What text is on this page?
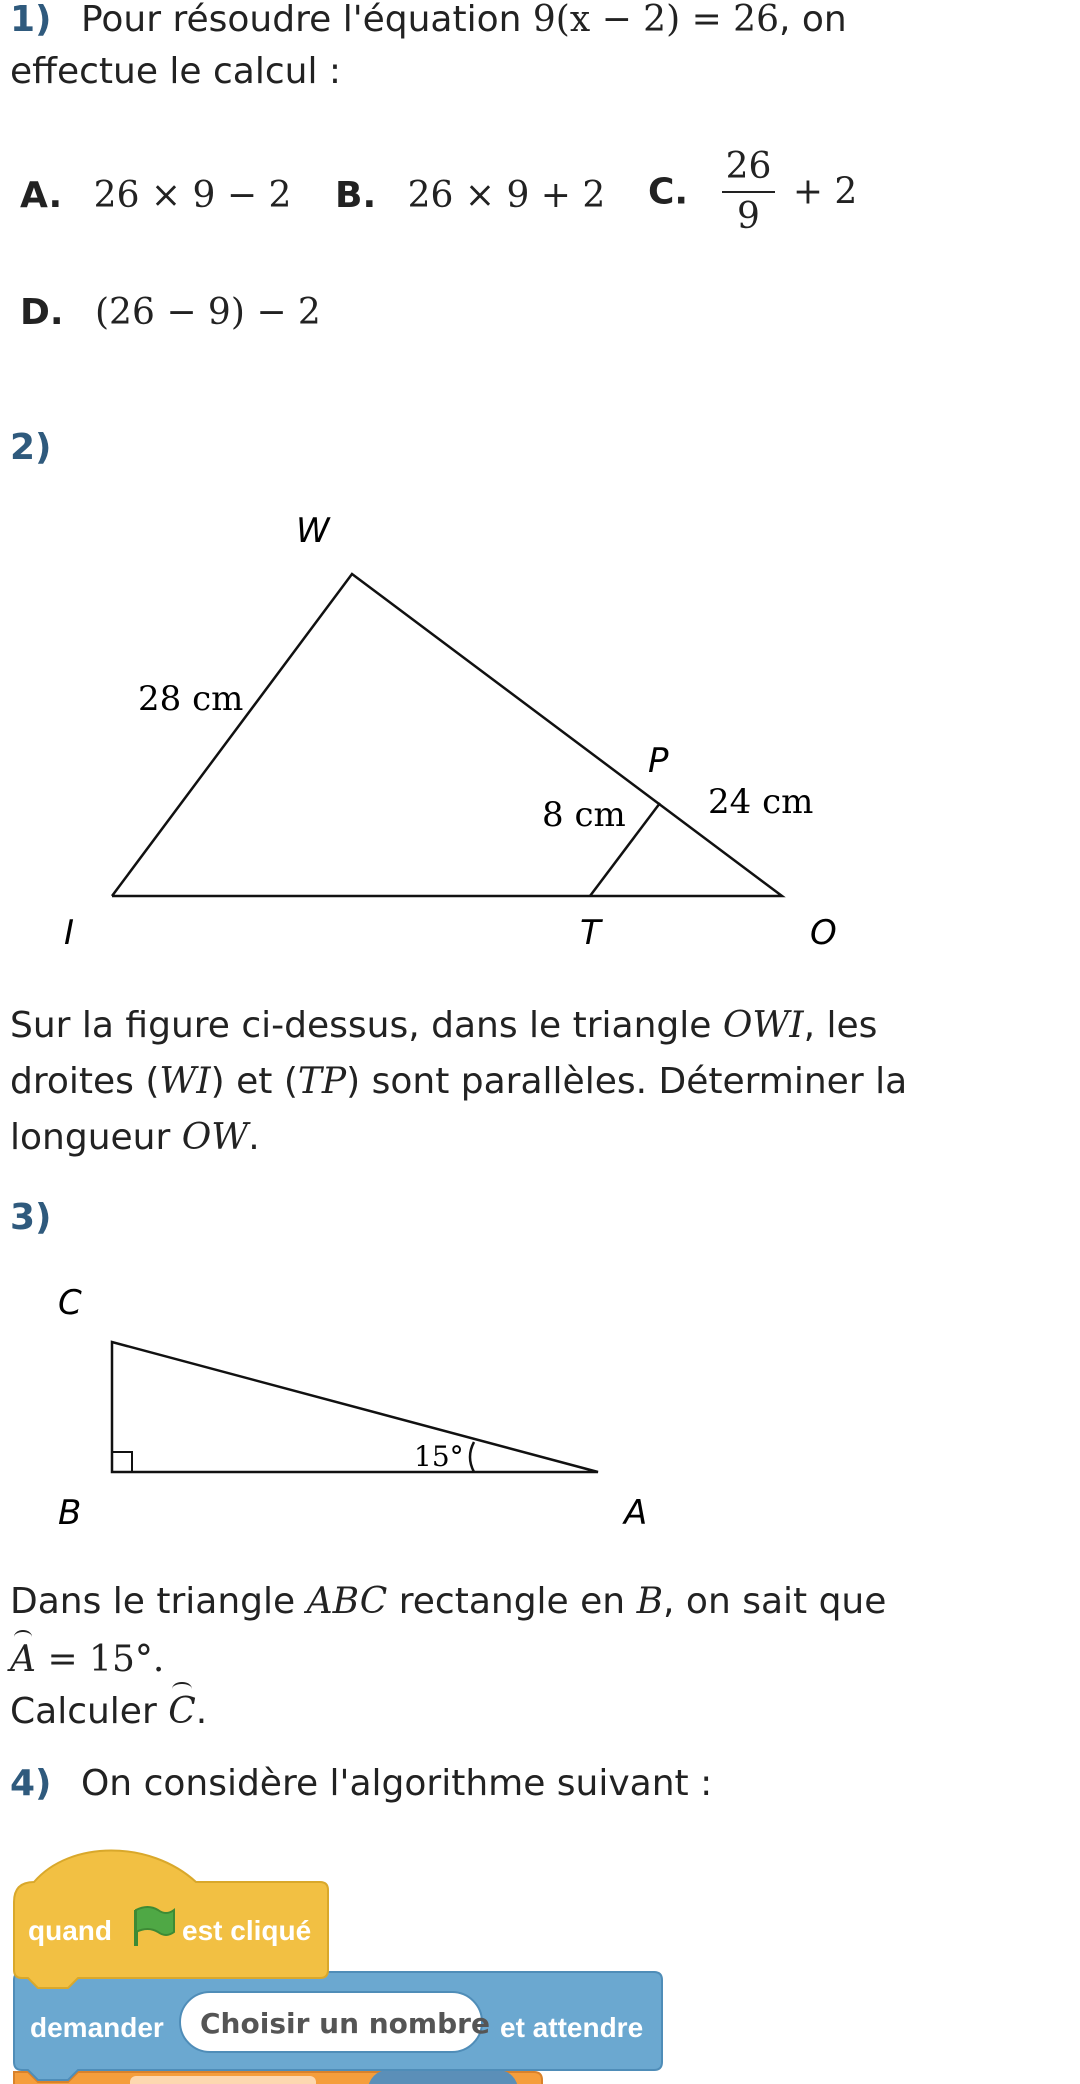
1) Pour résoudre l'équation 9(x − 2) = 26, on
effectue le calcul :
A. 26 × 9 − 2 B. 26 × 9 + 2 C. $\frac{26}{9} + 2$
D. (26 − 9) − 2
2)
W
I	T	O
P
28 cm
8 cm 24 cm
Sur la figure ci-dessus, dans le triangle OWI, les
droites (WI) et (TP) sont parallèles. Déterminer la
longueur OW.
3)
C
B	A
15°
Dans le triangle ABC rectangle en B, on sait que
A = 15°.
Calculer C.
4) On considère l'algorithme suivant :
demander Choisir un nombre et attendre
quand	est cliqué
